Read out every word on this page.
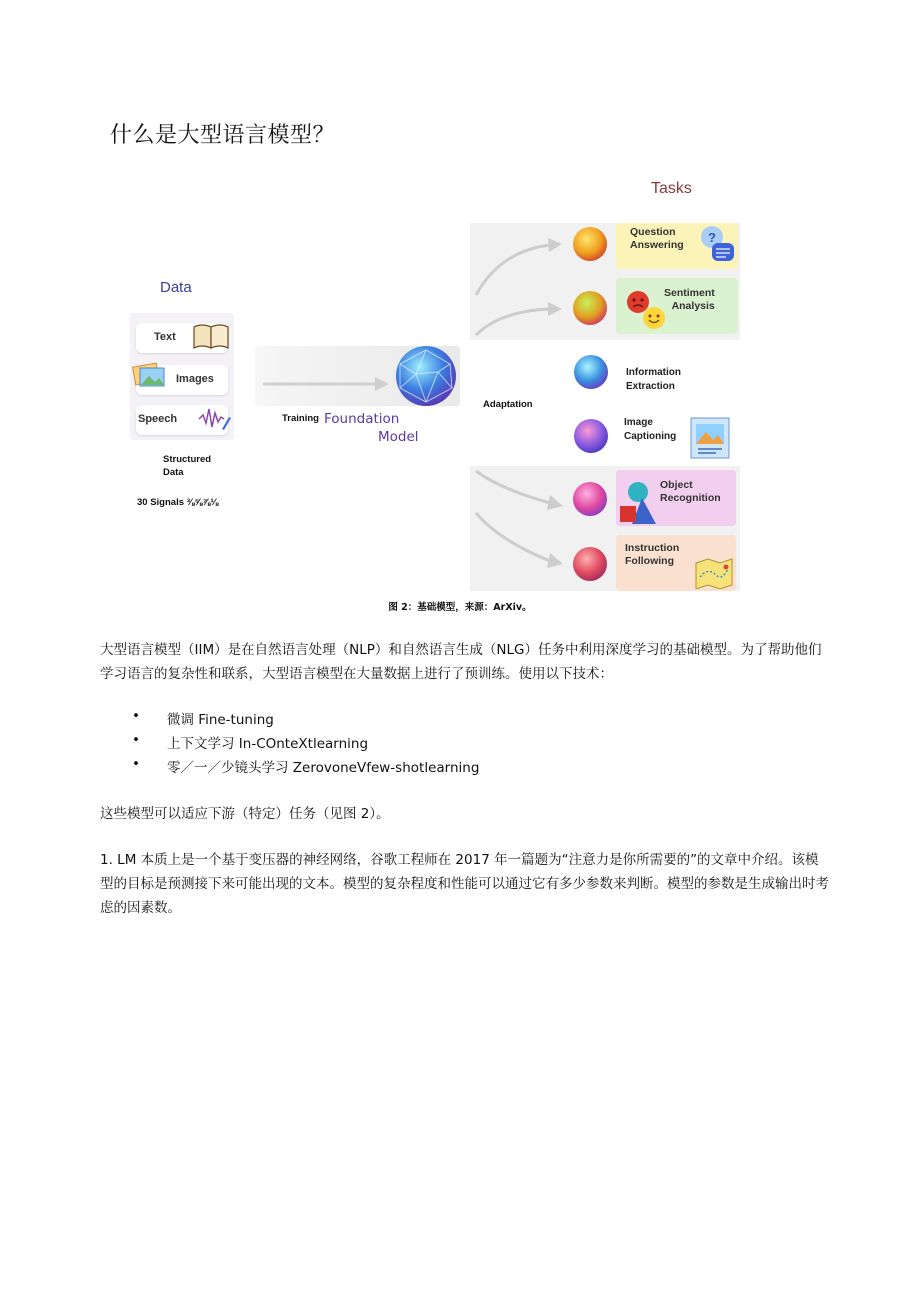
什么是大型语言模型？
Tasks
Data
Text
Images
Speech
Structured
Data
30 Signals ⅜⅝⅞⅛
Training Foundation
Model
Adaptation
Question
Answering ?
Sentiment
Analysis
Information
Extraction
Image
Captioning
Object
Recognition
Instruction
Following
图 2：基础模型，来源：ArXiv。
大型语言模型（IIM）是在自然语言处理（NLP）和自然语言生成（NLG）任务中利用深度学习的基础模型。为了帮助他们学习语言的复杂性和联系，大型语言模型在大量数据上进行了预训练。使用以下技术：
• 微调 Fine-tuning
• 上下文学习 In-COnteXtlearning
• 零／一／少镜头学习 ZerovonеVfew-shotlearning
这些模型可以适应下游（特定）任务（见图 2）。
1. LM 本质上是一个基于变压器的神经网络，谷歌工程师在 2017 年一篇题为“注意力是你所需要的”的文章中介绍。该模型的目标是预测接下来可能出现的文本。模型的复杂程度和性能可以通过它有多少参数来判断。模型的参数是生成输出时考虑的因素数。
